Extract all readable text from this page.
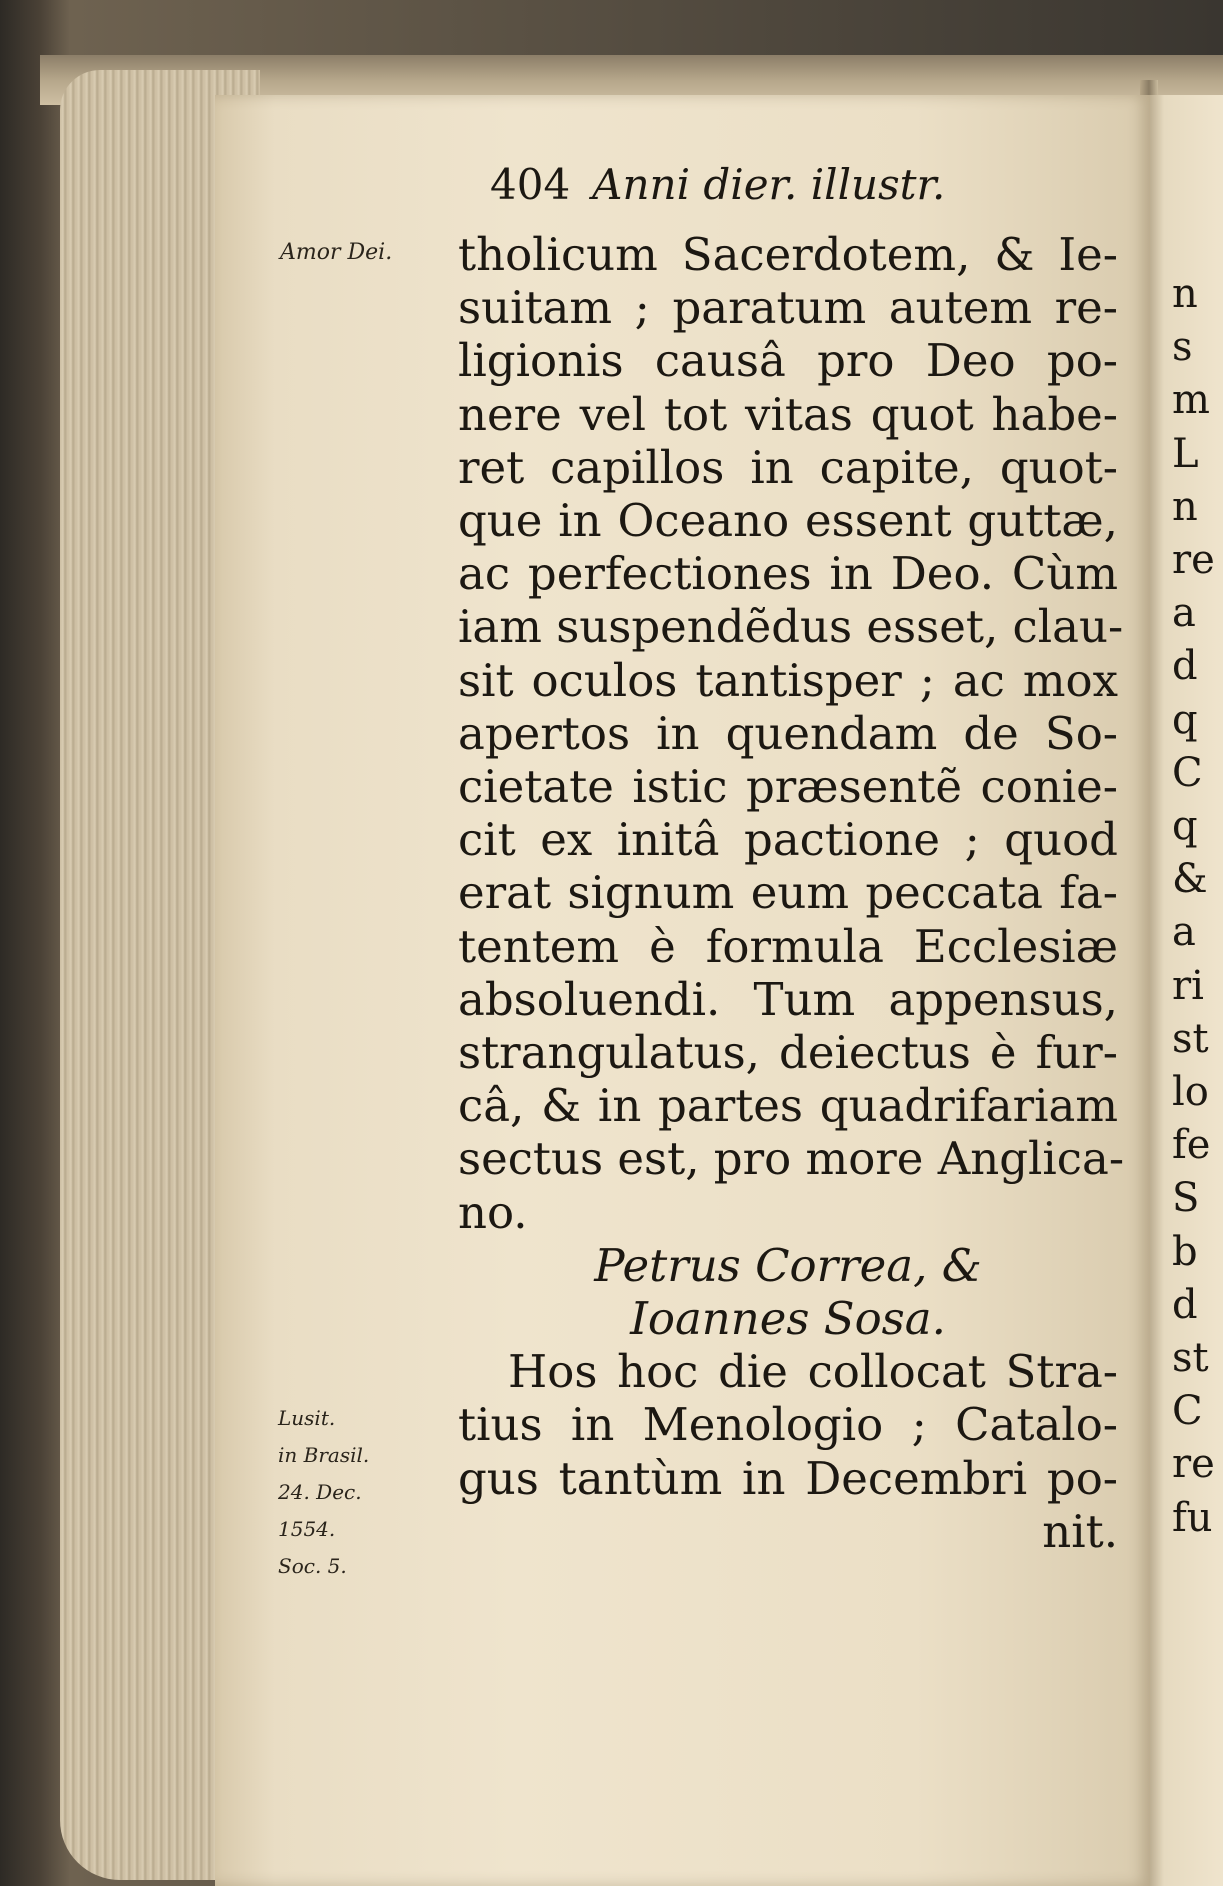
404 Anni dier. illustr.
Amor Dei.
Lusit.
in Brasil.
24. Dec.
1554.
Soc. 5.
tholicum Sacerdotem, & Ie-
suitam ; paratum autem re-
ligionis causâ pro Deo po-
nere vel tot vitas quot habe-
ret capillos in capite, quot-
que in Oceano essent guttæ,
ac perfectiones in Deo. Cùm
iam suspendẽdus esset, clau-
sit oculos tantisper ; ac mox
apertos in quendam de So-
cietate istic præsentẽ conie-
cit ex initâ pactione ; quod
erat signum eum peccata fa-
tentem è formula Ecclesiæ
absoluendi. Tum appensus,
strangulatus, deiectus è fur-
câ, & in partes quadrifariam
sectus est, pro more Anglica-
no.
Petrus Correa, &
Ioannes Sosa.
Hos hoc die collocat Stra-
tius in Menologio ; Catalo-
gus tantùm in Decembri po-
nit.
n
s
m
L
n
re
a
d
q
C
q
&
a
ri
st
lo
fe
S
b
d
st
C
re
fu
